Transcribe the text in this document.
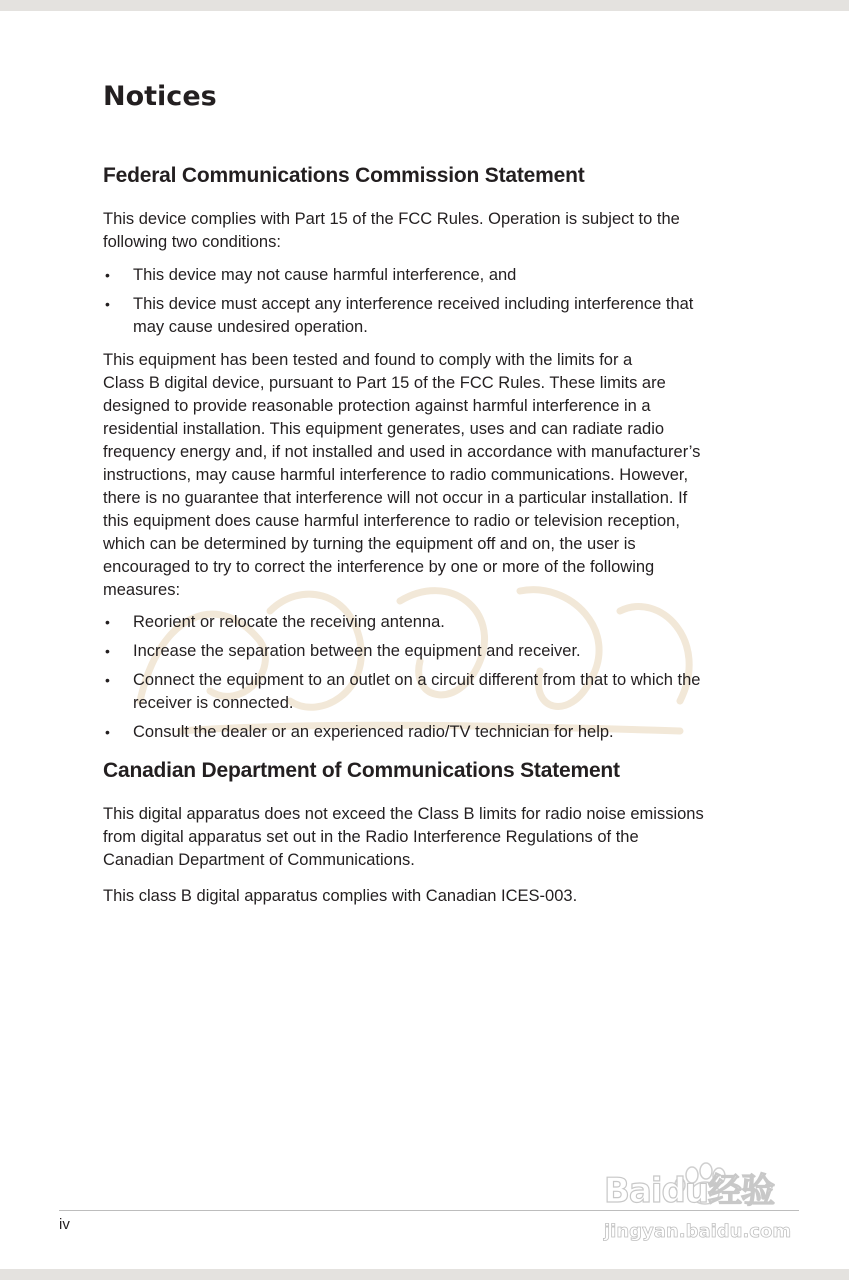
Notices
Federal Communications Commission Statement

This device complies with Part 15 of the FCC Rules. Operation is subject to the
following two conditions:

• This device may not cause harmful interference, and
• This device must accept any interference received including interference that
may cause undesired operation.

This equipment has been tested and found to comply with the limits for a
Class B digital device, pursuant to Part 15 of the FCC Rules. These limits are
designed to provide reasonable protection against harmful interference in a
residential installation. This equipment generates, uses and can radiate radio
frequency energy and, if not installed and used in accordance with manufacturer’s
instructions, may cause harmful interference to radio communications. However,
there is no guarantee that interference will not occur in a particular installation. If
this equipment does cause harmful interference to radio or television reception,
which can be determined by turning the equipment off and on, the user is
encouraged to try to correct the interference by one or more of the following
measures:

• Reorient or relocate the receiving antenna.
• Increase the separation between the equipment and receiver.
• Connect the equipment to an outlet on a circuit different from that to which the
receiver is connected.
• Consult the dealer or an experienced radio/TV technician for help.
Canadian Department of Communications Statement

This digital apparatus does not exceed the Class B limits for radio noise emissions
from digital apparatus set out in the Radio Interference Regulations of the
Canadian Department of Communications.

This class B digital apparatus complies with Canadian ICES-003.

iv
Baidu经验
jingyan.baidu.com
